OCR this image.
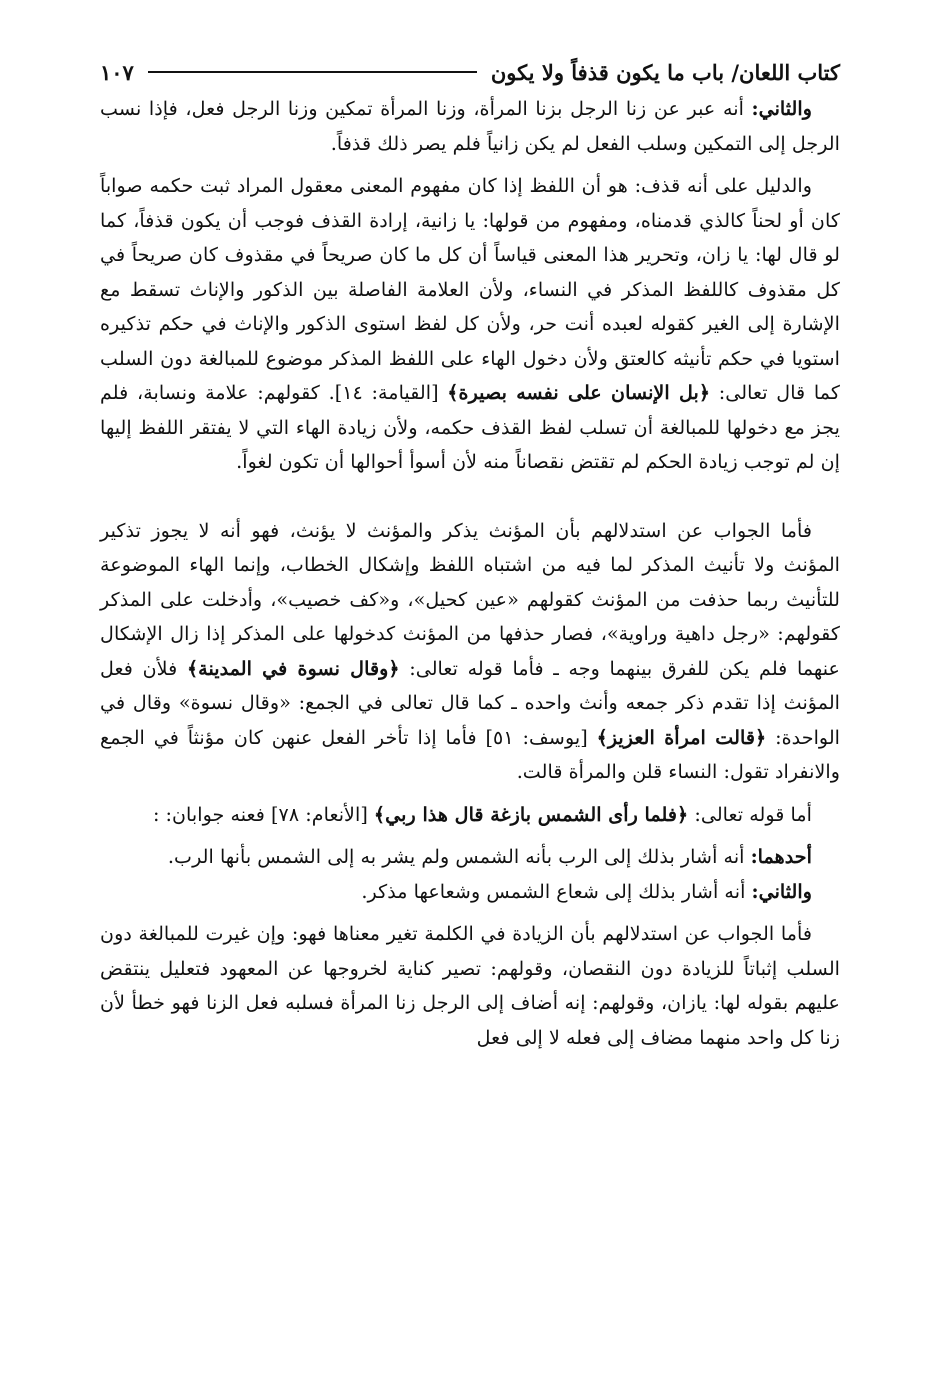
كتاب اللعان/ باب ما يكون قذفاً ولا يكون
١٠٧

والثاني: أنه عبر عن زنا الرجل بزنا المرأة، وزنا المرأة تمكين وزنا الرجل فعل، فإذا نسب الرجل إلى التمكين وسلب الفعل لم يكن زانياً فلم يصر ذلك قذفاً.

والدليل على أنه قذف: هو أن اللفظ إذا كان مفهوم المعنى معقول المراد ثبت حكمه صواباً كان أو لحناً كالذي قدمناه، ومفهوم من قولها: يا زانية، إرادة القذف فوجب أن يكون قذفاً، كما لو قال لها: يا زان، وتحرير هذا المعنى قياساً أن كل ما كان صريحاً في مقذوف كان صريحاً في كل مقذوف كاللفظ المذكر في النساء، ولأن العلامة الفاصلة بين الذكور والإناث تسقط مع الإشارة إلى الغير كقوله لعبده أنت حر، ولأن كل لفظ استوى الذكور والإناث في حكم تذكيره استويا في حكم تأنيثه كالعتق ولأن دخول الهاء على اللفظ المذكر موضوع للمبالغة دون السلب كما قال تعالى: ﴿بل الإنسان على نفسه بصيرة﴾ [القيامة: ١٤]. كقولهم: علامة ونسابة، فلم يجز مع دخولها للمبالغة أن تسلب لفظ القذف حكمه، ولأن زيادة الهاء التي لا يفتقر اللفظ إليها إن لم توجب زيادة الحكم لم تقتض نقصاناً منه لأن أسوأ أحوالها أن تكون لغواً.

فأما الجواب عن استدلالهم بأن المؤنث يذكر والمؤنث لا يؤنث، فهو أنه لا يجوز تذكير المؤنث ولا تأنيث المذكر لما فيه من اشتباه اللفظ وإشكال الخطاب، وإنما الهاء الموضوعة للتأنيث ربما حذفت من المؤنث كقولهم «عين كحيل»، و«كف خصيب»، وأدخلت على المذكر كقولهم: «رجل داهية وراوية»، فصار حذفها من المؤنث كدخولها على المذكر إذا زال الإشكال عنهما فلم يكن للفرق بينهما وجه ـ فأما قوله تعالى: ﴿وقال نسوة في المدينة﴾ فلأن فعل المؤنث إذا تقدم ذكر جمعه وأنث واحده ـ كما قال تعالى في الجمع: «وقال نسوة» وقال في الواحدة: ﴿قالت امرأة العزيز﴾ [يوسف: ٥١] فأما إذا تأخر الفعل عنهن كان مؤنثاً في الجمع والانفراد تقول: النساء قلن والمرأة قالت.

أما قوله تعالى: ﴿فلما رأى الشمس بازغة قال هذا ربي﴾ [الأنعام: ٧٨] فعنه جوابان: :

أحدهما: أنه أشار بذلك إلى الرب بأنه الشمس ولم يشر به إلى الشمس بأنها الرب.

والثاني: أنه أشار بذلك إلى شعاع الشمس وشعاعها مذكر.

فأما الجواب عن استدلالهم بأن الزيادة في الكلمة تغير معناها فهو: وإن غيرت للمبالغة دون السلب إثباتاً للزيادة دون النقصان، وقولهم: تصير كناية لخروجها عن المعهود فتعليل ينتقض عليهم بقوله لها: يازان، وقولهم: إنه أضاف إلى الرجل زنا المرأة فسلبه فعل الزنا فهو خطأ لأن زنا كل واحد منهما مضاف إلى فعله لا إلى فعل
